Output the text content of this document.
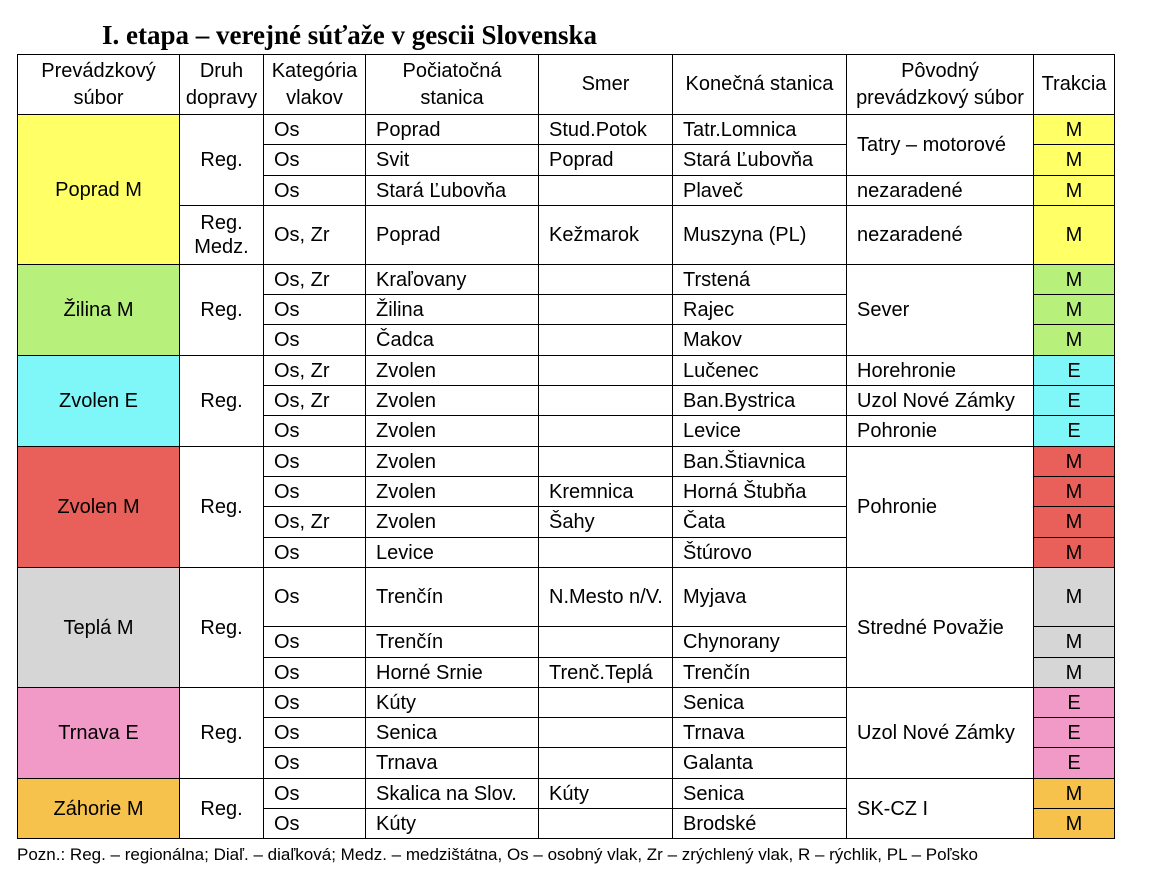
I. etapa – verejné súťaže v gescii Slovenska
Prevádzkový súbor	Druh dopravy	Kategória vlakov	Počiatočná stanica	Smer	Konečná stanica	Pôvodný prevádzkový súbor	Trakcia
Poprad M	Reg.	Os	Poprad	Stud.Potok	Tatr.Lomnica	Tatry – motorové	M
		Os	Svit	Poprad	Stará Ľubovňa		M
		Os	Stará Ľubovňa		Plaveč	nezaradené	M
	Reg. Medz.	Os, Zr	Poprad	Kežmarok	Muszyna (PL)	nezaradené	M
Žilina M	Reg.	Os, Zr	Kraľovany		Trstená	Sever	M
		Os	Žilina		Rajec		M
		Os	Čadca		Makov		M
Zvolen E	Reg.	Os, Zr	Zvolen		Lučenec	Horehronie	E
		Os, Zr	Zvolen		Ban.Bystrica	Uzol Nové Zámky	E
		Os	Zvolen		Levice	Pohronie	E
Zvolen M	Reg.	Os	Zvolen		Ban.Štiavnica	Pohronie	M
		Os	Zvolen	Kremnica	Horná Štubňa		M
		Os, Zr	Zvolen	Šahy	Čata		M
		Os	Levice		Štúrovo		M
Teplá M	Reg.	Os	Trenčín	N.Mesto n/V.	Myjava	Stredné Považie	M
		Os	Trenčín		Chynorany		M
		Os	Horné Srnie	Trenč.Teplá	Trenčín		M
Trnava E	Reg.	Os	Kúty		Senica	Uzol Nové Zámky	E
		Os	Senica		Trnava		E
		Os	Trnava		Galanta		E
Záhorie M	Reg.	Os	Skalica na Slov.	Kúty	Senica	SK-CZ I	M
		Os	Kúty		Brodské		M

Pozn.: Reg. – regionálna; Diaľ. – diaľková; Medz. – medzištátna, Os – osobný vlak, Zr – zrýchlený vlak, R – rýchlik, PL – Poľsko
